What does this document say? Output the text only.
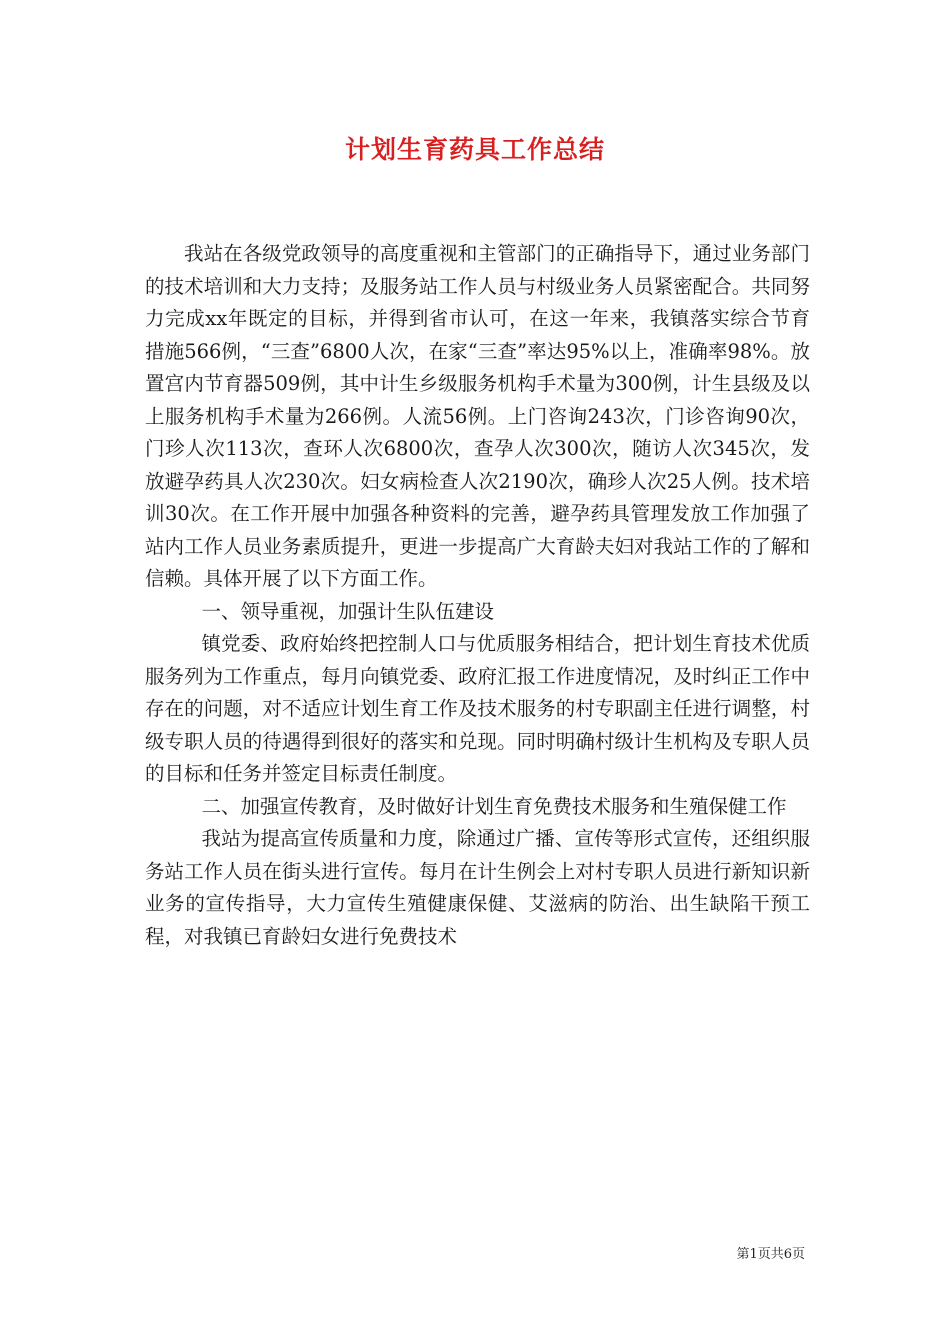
计划生育药具工作总结

我站在各级党政领导的高度重视和主管部门的正确指导下，通过业务部门的技术培训和大力支持；及服务站工作人员与村级业务人员紧密配合。共同努力完成xx年既定的目标，并得到省市认可，在这一年来，我镇落实综合节育措施566例，“三查”6800人次，在家“三查”率达95%以上，准确率98%。放置宫内节育器509例，其中计生乡级服务机构手术量为300例，计生县级及以上服务机构手术量为266例。人流56例。上门咨询243次，门诊咨询90次，门珍人次113次，查环人次6800次，查孕人次300次，随访人次345次，发放避孕药具人次230次。妇女病检查人次2190次，确珍人次25人例。技术培训30次。在工作开展中加强各种资料的完善，避孕药具管理发放工作加强了站内工作人员业务素质提升，更进一步提高广大育龄夫妇对我站工作的了解和信赖。具体开展了以下方面工作。

一、领导重视，加强计生队伍建设

镇党委、政府始终把控制人口与优质服务相结合，把计划生育技术优质服务列为工作重点，每月向镇党委、政府汇报工作进度情况，及时纠正工作中存在的问题，对不适应计划生育工作及技术服务的村专职副主任进行调整，村级专职人员的待遇得到很好的落实和兑现。同时明确村级计生机构及专职人员的目标和任务并签定目标责任制度。

二、加强宣传教育，及时做好计划生育免费技术服务和生殖保健工作

我站为提高宣传质量和力度，除通过广播、宣传等形式宣传，还组织服务站工作人员在街头进行宣传。每月在计生例会上对村专职人员进行新知识新业务的宣传指导，大力宣传生殖健康保健、艾滋病的防治、出生缺陷干预工程，对我镇已育龄妇女进行免费技术

第1页共6页
